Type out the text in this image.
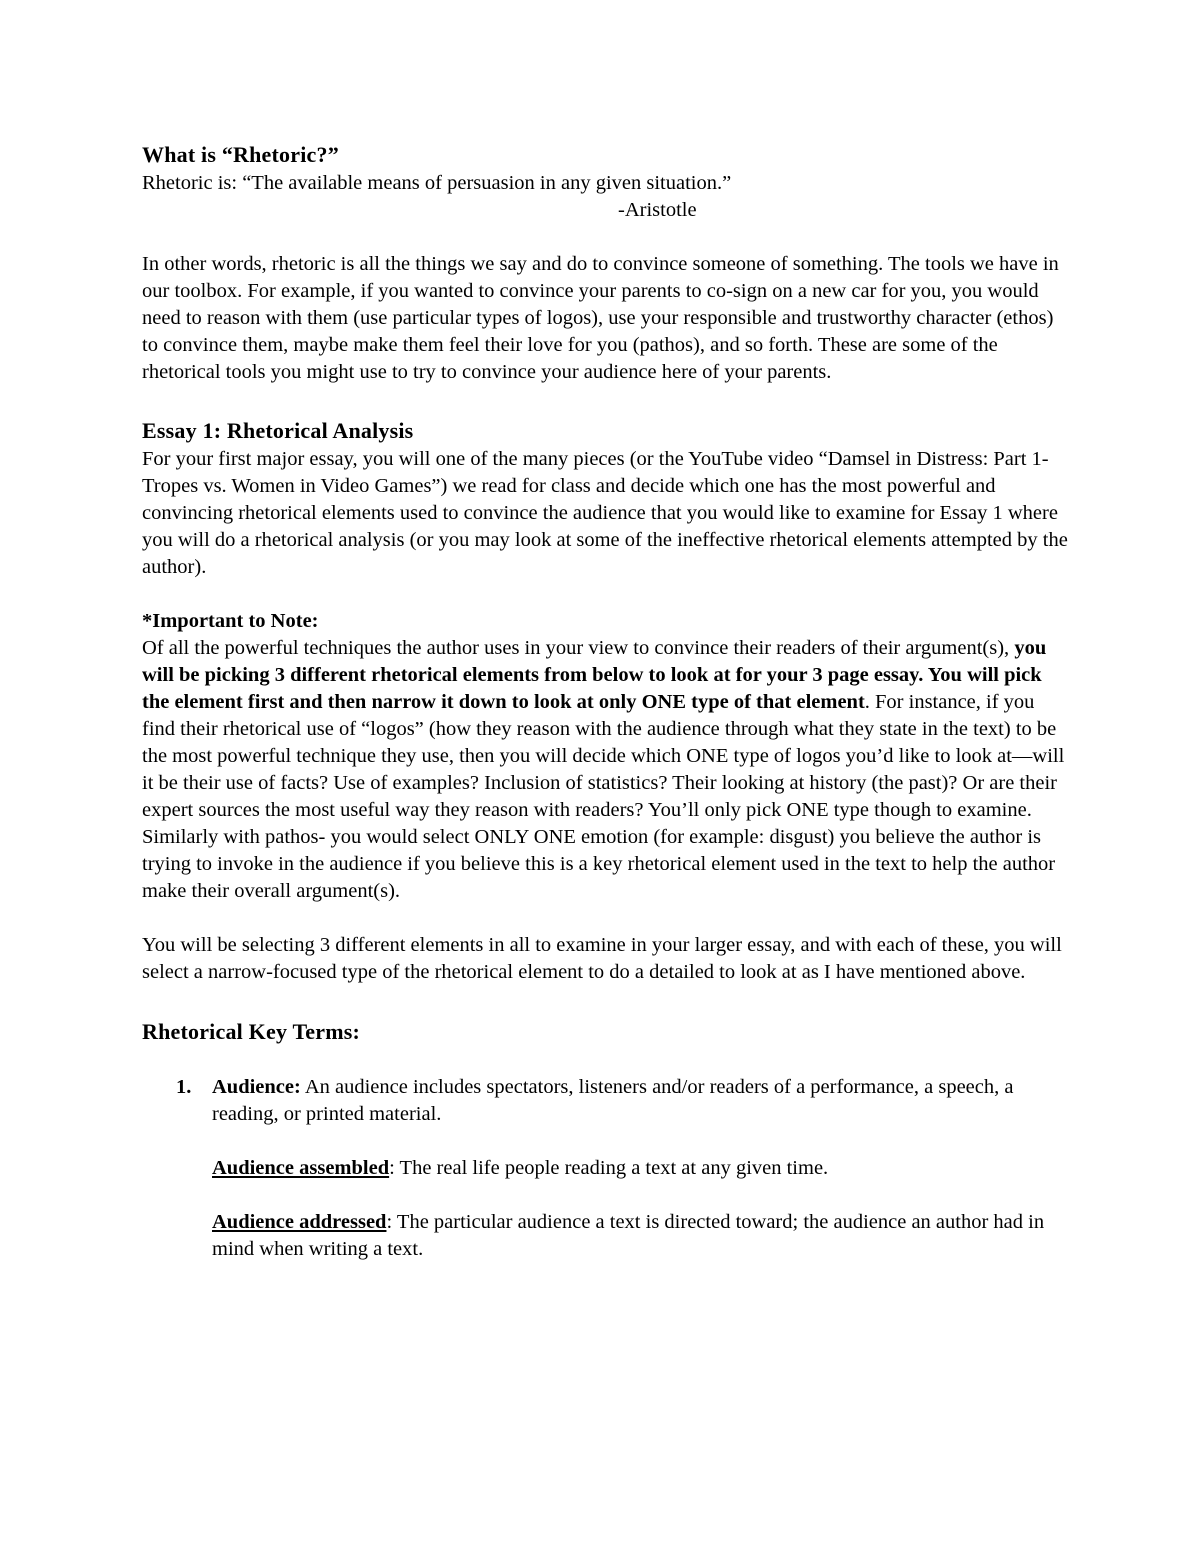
What is “Rhetoric?”

Rhetoric is: “The available means of persuasion in any given situation.”

-Aristotle

In other words, rhetoric is all the things we say and do to convince someone of something. The tools we have in our toolbox. For example, if you wanted to convince your parents to co-sign on a new car for you, you would need to reason with them (use particular types of logos), use your responsible and trustworthy character (ethos) to convince them, maybe make them feel their love for you (pathos), and so forth. These are some of the rhetorical tools you might use to try to convince your audience here of your parents.

Essay 1: Rhetorical Analysis

For your first major essay, you will one of the many pieces (or the YouTube video “Damsel in Distress: Part 1- Tropes vs. Women in Video Games”) we read for class and decide which one has the most powerful and convincing rhetorical elements used to convince the audience that you would like to examine for Essay 1 where you will do a rhetorical analysis (or you may look at some of the ineffective rhetorical elements attempted by the author).

*Important to Note:

Of all the powerful techniques the author uses in your view to convince their readers of their argument(s), you will be picking 3 different rhetorical elements from below to look at for your 3 page essay. You will pick the element first and then narrow it down to look at only ONE type of that element. For instance, if you find their rhetorical use of “logos” (how they reason with the audience through what they state in the text) to be the most powerful technique they use, then you will decide which ONE type of logos you’d like to look at—will it be their use of facts? Use of examples? Inclusion of statistics? Their looking at history (the past)? Or are their expert sources the most useful way they reason with readers? You’ll only pick ONE type though to examine. Similarly with pathos- you would select ONLY ONE emotion (for example: disgust) you believe the author is trying to invoke in the audience if you believe this is a key rhetorical element used in the text to help the author make their overall argument(s).

You will be selecting 3 different elements in all to examine in your larger essay, and with each of these, you will select a narrow-focused type of the rhetorical element to do a detailed to look at as I have mentioned above.

Rhetorical Key Terms:
1. Audience: An audience includes spectators, listeners and/or readers of a performance, a speech, a reading, or printed material.

Audience assembled: The real life people reading a text at any given time.

Audience addressed: The particular audience a text is directed toward; the audience an author had in mind when writing a text.
